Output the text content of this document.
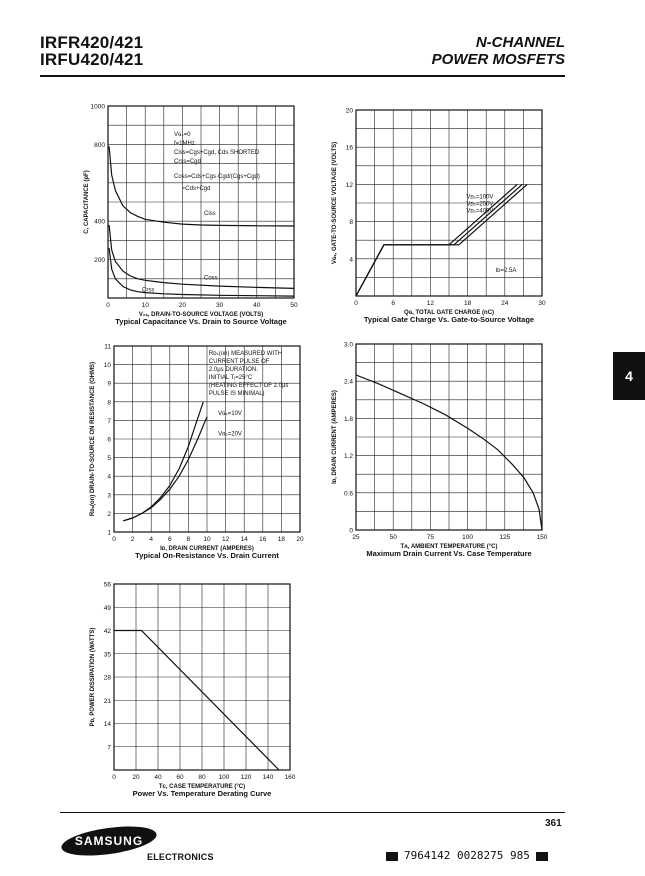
IRFR420/421
IRFU420/421
N-CHANNEL
POWER MOSFETS
0	10	20	30	40	50
200
400
800
1000
V₀ₛ, DRAIN-TO-SOURCE VOLTAGE (VOLTS)
C, CAPACITANCE (pF)
Typical Capacitance Vs. Drain to Source Voltage
Vɢₛ=0
f=1MHz
Ciss=Cgs+Cgd, Cds SHORTED
Crss=Cgd
Coss=Cds+Cgs·Cgd/(Cgs+Cgd)
≈Cds+Cgd
Ciss
Coss
Crss
0	6	12	18	24	30
4
8
12
16
20
Qɢ, TOTAL GATE CHARGE (nC)
Vɢₛ, GATE-TO-SOURCE VOLTAGE (VOLTS)
Typical Gate Charge Vs. Gate-to-Source Voltage
Vᴅₛ=100V
Vᴅₛ=250V
Vᴅₛ=400V
Iᴅ=2.5A
0 2 4 6 8 10 12 14 16 18 20
1
2
3
4
5
6
7
8
9
10
11
Iᴅ, DRAIN CURRENT (AMPERES)
Rᴅₛ(on) DRAIN-TO-SOURCE ON RESISTANCE (OHMS)
Typical On-Resistance Vs. Drain Current
Rᴅₛ(on) MEASURED WITH
CURRENT PULSE OF
2.0μs DURATION.
INITIAL Tⱼ=25°C
(HEATING EFFECT OF 2.0μs
PULSE IS MINIMAL)
Vɢₛ=10V
Vɢₛ=20V
25	50	75	100	125	150
0
0.6
1.2
1.8
2.4
3.0
Tᴀ, AMBIENT TEMPERATURE (°C)
Iᴅ, DRAIN CURRENT (AMPERES)
Maximum Drain Current Vs. Case Temperature
0	20 40 60 80 100 120 140 160
7
14
21
28
35
42
49
56
Tᴄ, CASE TEMPERATURE (°C)
Pᴅ, POWER DISSIPATION (WATTS)
Power Vs. Temperature Derating Curve
4
361
SAMSUNG
ELECTRONICS	7964142 0028275 985
